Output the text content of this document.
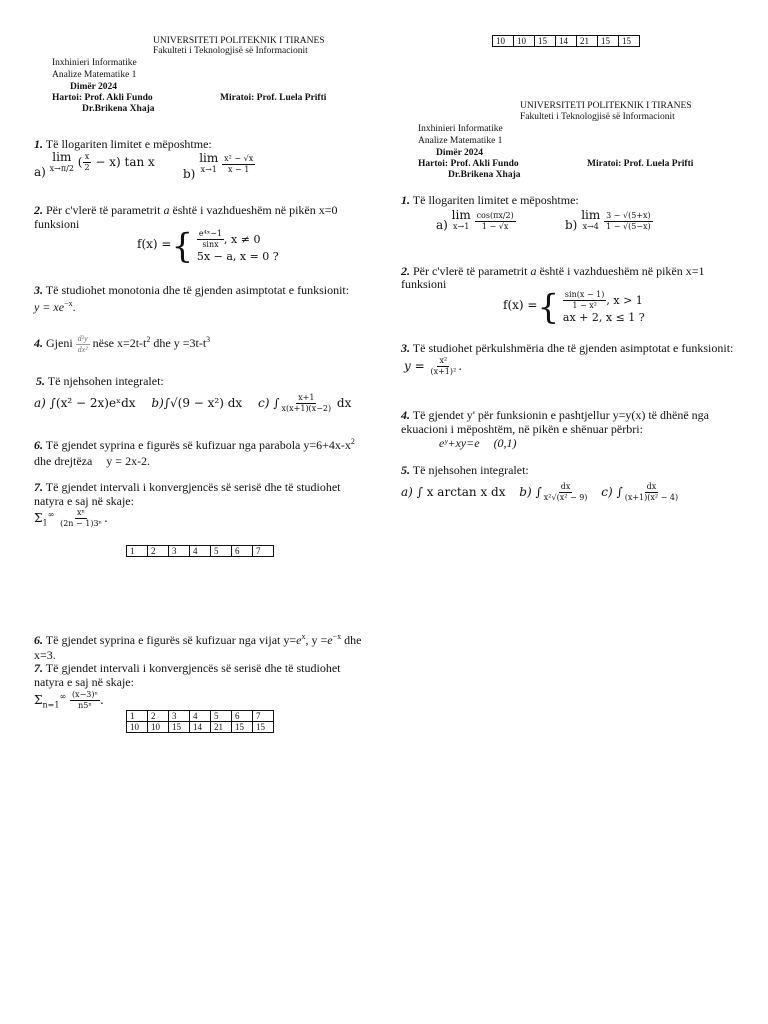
10	10	15	14	21	15	15
UNIVERSITETI POLITEKNIK I TIRANES
Fakulteti i Teknologjisë së Informacionit
Inxhinieri Informatike
Analize Matematike 1
Dimër 2024
Hartoi: Prof. Akli Fundo	Miratoi: Prof. Luela Prifti
Dr.Brikena Xhaja
1. Të llogariten limitet e mëposhtme:
a) lim
x→π/2 ( $\frac{x}{2} - x$) tan x
b) lim
$x\to 1 \frac{\text{x² − √x}}{x - 1}$
2. Për c'vlerë të parametrit a është i vazhdueshëm në pikën x=0
funksioni
f(x) ={ $\frac{\text{e⁴ˣ−1}}{\sin x}$ , x ≠ 0
5x − a, x = 0 ?
3. Të studiohet monotonia dhe të gjenden asimptotat e funksionit:
$y = xe^{-x}$.
4. Gjeni $\frac{\text{d²y}}{\text{dx²}}$ nëse $x=2t-t^2$ dhe $y =3t-t^3$
5. Të njehsohen integralet:
a) ∫(x² − 2x)eˣdx b)∫√(9 − x²) dx c) ∫ $\frac{x+1}{x(x+1)(x-2)}$ dx
6. Të gjendet syprina e figurës së kufizuar nga parabola $y=6+4x-x^2$
dhe drejtëza y = 2x-2.
7. Të gjendet intervali i konvergjencës së serisë dhe të studiohet natyra e saj në skaje:
$\Sigma_1^\infty \frac{\text{xⁿ}}{\text{(2n − 1)3ⁿ}}$ .
1	2	3	4	5	6	7
6. Të gjendet syprina e figurës së kufizuar nga vijat $y=e^x$, $y =e^{-x}$ dhe
x=3.
7. Të gjendet intervali i konvergjencës së serisë dhe të studiohet natyra e saj në skaje:
$\Sigma_{n=1}^\infty \frac{\text{(x−3)ⁿ}}{\text{n5ⁿ}}$ .
1	2	3	4	5	6	7
10	10	15	14	21	15	15
UNIVERSITETI POLITEKNIK I TIRANES
Fakulteti i Teknologjisë së Informacionit
Inxhinieri Informatike
Analize Matematike 1
Dimër 2024
Hartoi: Prof. Akli Fundo	Miratoi: Prof. Luela Prifti
Dr.Brikena Xhaja
1. Të llogariten limitet e mëposhtme:
a) lim
$x\to 1 \frac{\cos(\pi x/2)}{1 - √x}$	b) lim
$x\to 4 \frac{3 - √(5+x)}{1 - √(5-x)}$
2. Për c'vlerë të parametrit a është i vazhdueshëm në pikën x=1
funksioni
f(x) ={ $\frac{\sin(x - 1)}{\text{1 − x²}}$ , x > 1
ax + 2, x ≤ 1 ?
3. Të studiohet përkulshmëria dhe të gjenden asimptotat e funksionit:
$y = \frac{\text{x²}}{\text{(x+1)²}}$ .
4. Të gjendet y' për funksionin e pashtjellur y=y(x) të dhënë nga ekuacioni i mëposhtëm, në pikën e shënuar përbri:
eʸ+xy=e (0,1)
5. Të njehsohen integralet:
a) ∫ x arctan x dx b) ∫ $\frac{dx}{\text{x²√(x² − 9)}} c$) ∫ $\frac{dx}{\text{(x+1)(x² − 4)}}$
